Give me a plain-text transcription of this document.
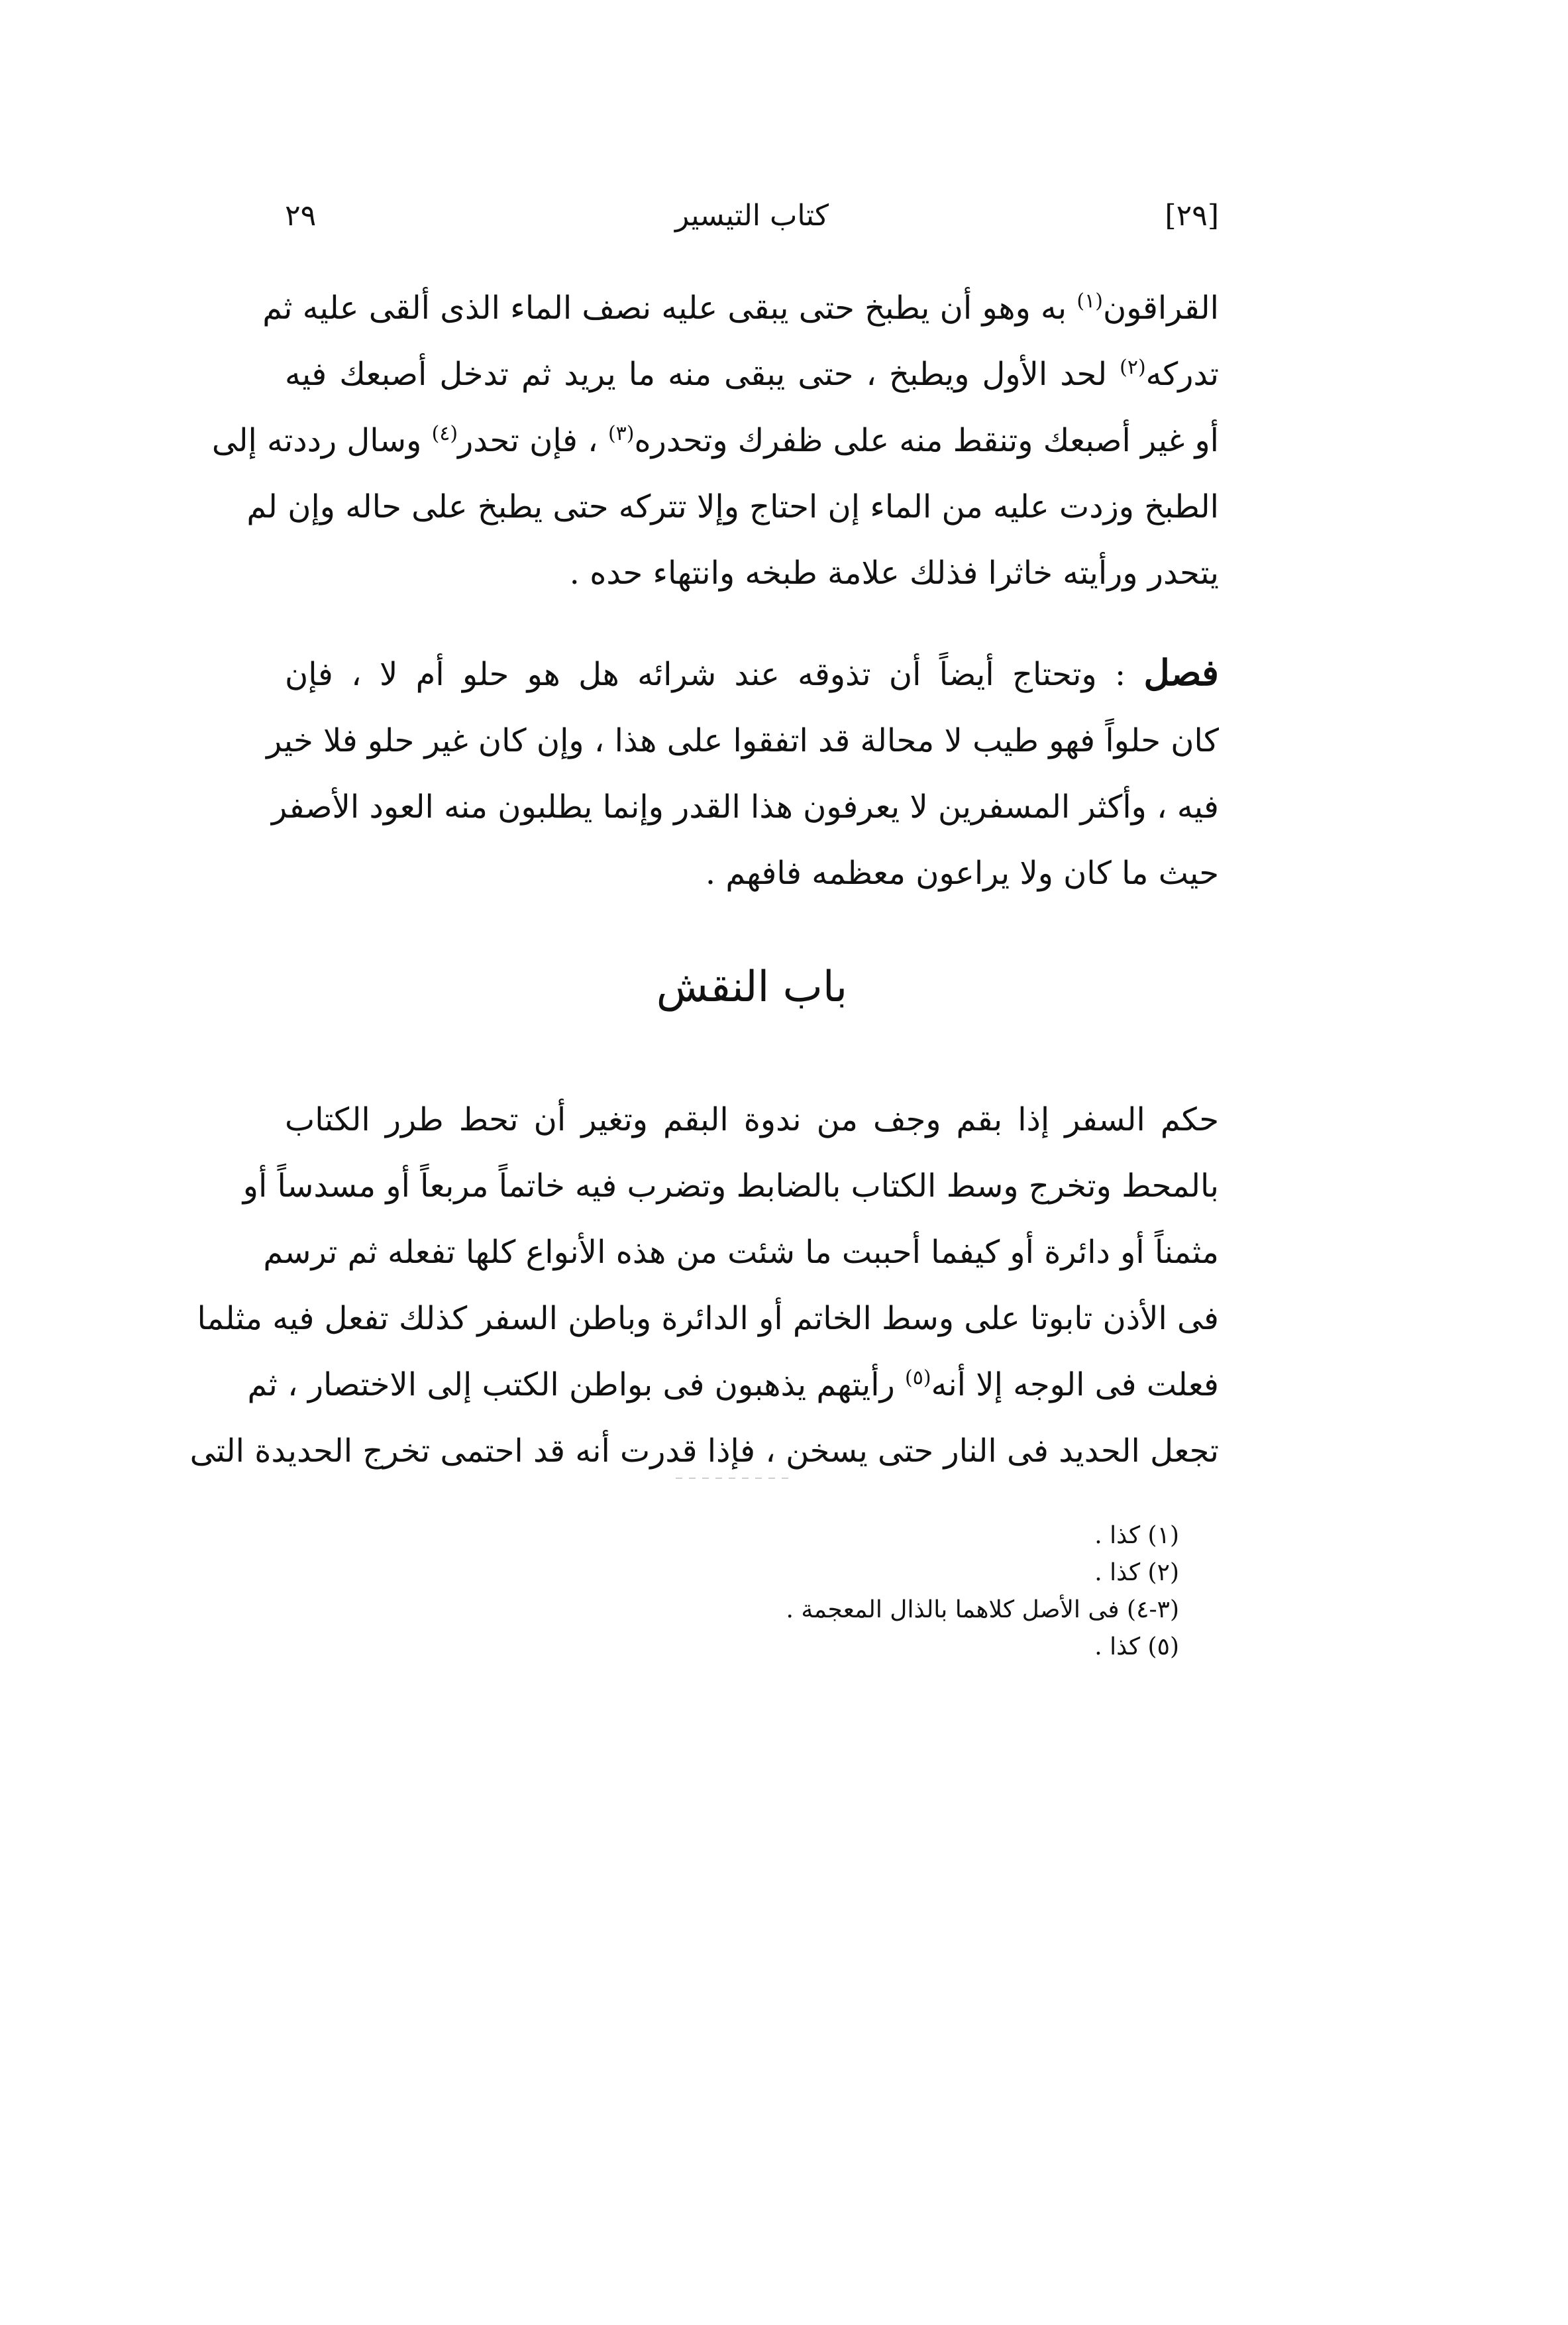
[٢٩]
كتاب التيسير
٢٩
القراقون$^{(١)}$ به وهو أن يطبخ حتى يبقى عليه نصف الماء الذى ألقى عليه ثم
تدركه$^{(٢)}$ لحد الأول ويطبخ ، حتى يبقى منه ما يريد ثم تدخل أصبعك فيه
أو غير أصبعك وتنقط منه على ظفرك وتحدره$^{(٣)}$ ، فإن تحدر$^{(٤)}$ وسال رددته إلى
الطبخ وزدت عليه من الماء إن احتاج وإلا تتركه حتى يطبخ على حاله وإن لم
يتحدر ورأيته خاثرا فذلك علامة طبخه وانتهاء حده .
فصل : وتحتاج أيضاً أن تذوقه عند شرائه هل هو حلو أم لا ، فإن
كان حلواً فهو طيب لا محالة قد اتفقوا على هذا ، وإن كان غير حلو فلا خير
فيه ، وأكثر المسفرين لا يعرفون هذا القدر وإنما يطلبون منه العود الأصفر
حيث ما كان ولا يراعون معظمه فافهم .
باب النقش
حكم السفر إذا بقم وجف من ندوة البقم وتغير أن تحط طرر الكتاب
بالمحط وتخرج وسط الكتاب بالضابط وتضرب فيه خاتماً مربعاً أو مسدساً أو
مثمناً أو دائرة أو كيفما أحببت ما شئت من هذه الأنواع كلها تفعله ثم ترسم
فى الأذن تابوتا على وسط الخاتم أو الدائرة وباطن السفر كذلك تفعل فيه مثلما
فعلت فى الوجه إلا أنه$^{(٥)}$ رأيتهم يذهبون فى بواطن الكتب إلى الاختصار ، ثم
تجعل الحديد فى النار حتى يسخن ، فإذا قدرت أنه قد احتمى تخرج الحديدة التى
(١) كذا .
(٢) كذا .
(٣-٤) فى الأصل كلاهما بالذال المعجمة .
(٥) كذا .
